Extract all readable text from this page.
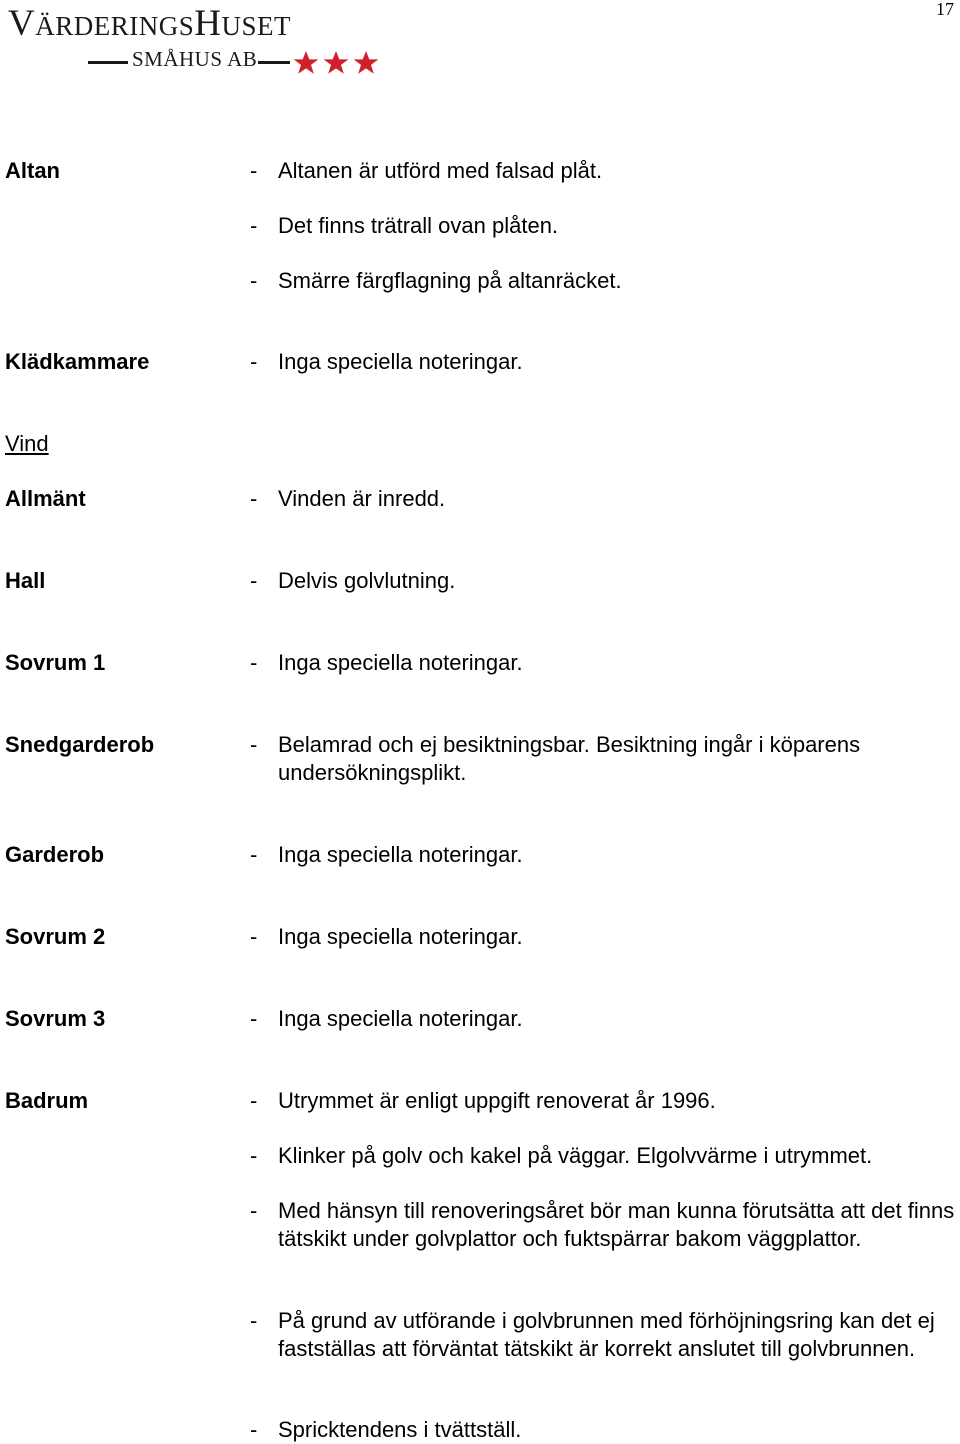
VÄRDERINGSHUSET
SMÅHUS AB
17
Altan	- Altanen är utförd med falsad plåt.
- Det finns trätrall ovan plåten.
- Smärre färgflagning på altanräcket.
Klädkammare	- Inga speciella noteringar.
Vind
Allmänt	- Vinden är inredd.
Hall	- Delvis golvlutning.
Sovrum 1	- Inga speciella noteringar.
Snedgarderob	- Belamrad och ej besiktningsbar. Besiktning ingår i köparens undersökningsplikt.
Garderob	- Inga speciella noteringar.
Sovrum 2	- Inga speciella noteringar.
Sovrum 3	- Inga speciella noteringar.
Badrum	- Utrymmet är enligt uppgift renoverat år 1996.
- Klinker på golv och kakel på väggar. Elgolvvärme i utrymmet.
- Med hänsyn till renoveringsåret bör man kunna förutsätta att det finns tätskikt under golvplattor och fuktspärrar bakom väggplattor.
- På grund av utförande i golvbrunnen med förhöjningsring kan det ej fastställas att förväntat tätskikt är korrekt anslutet till golvbrunnen.
- Spricktendens i tvättställ.
